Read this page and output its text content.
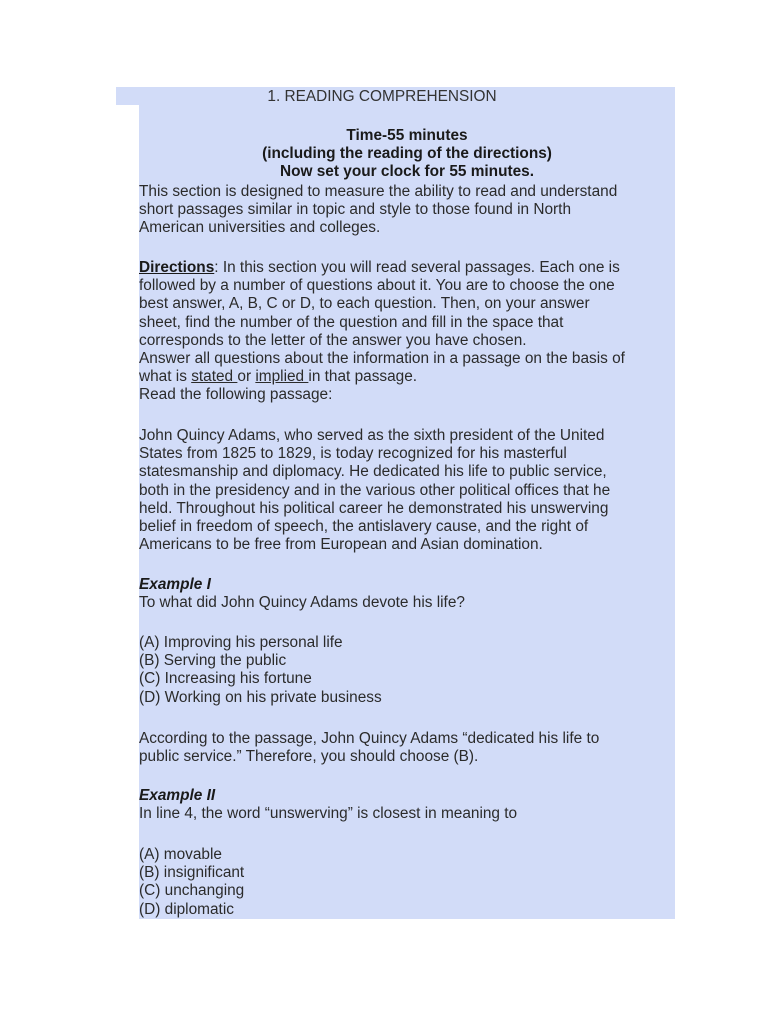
1. READING COMPREHENSION
Time-55 minutes
(including the reading of the directions)
Now set your clock for 55 minutes.
This section is designed to measure the ability to read and understand
short passages similar in topic and style to those found in North
American universities and colleges.
Directions: In this section you will read several passages. Each one is
followed by a number of questions about it. You are to choose the one
best answer, A, B, C or D, to each question. Then, on your answer
sheet, find the number of the question and fill in the space that
corresponds to the letter of the answer you have chosen.
Answer all questions about the information in a passage on the basis of
what is stated or implied in that passage.
Read the following passage:
John Quincy Adams, who served as the sixth president of the United
States from 1825 to 1829, is today recognized for his masterful
statesmanship and diplomacy. He dedicated his life to public service,
both in the presidency and in the various other political offices that he
held. Throughout his political career he demonstrated his unswerving
belief in freedom of speech, the antislavery cause, and the right of
Americans to be free from European and Asian domination.
Example I
To what did John Quincy Adams devote his life?
(A) Improving his personal life
(B) Serving the public
(C) Increasing his fortune
(D) Working on his private business
According to the passage, John Quincy Adams “dedicated his life to
public service.” Therefore, you should choose (B).
Example II
In line 4, the word “unswerving” is closest in meaning to
(A) movable
(B) insignificant
(C) unchanging
(D) diplomatic
